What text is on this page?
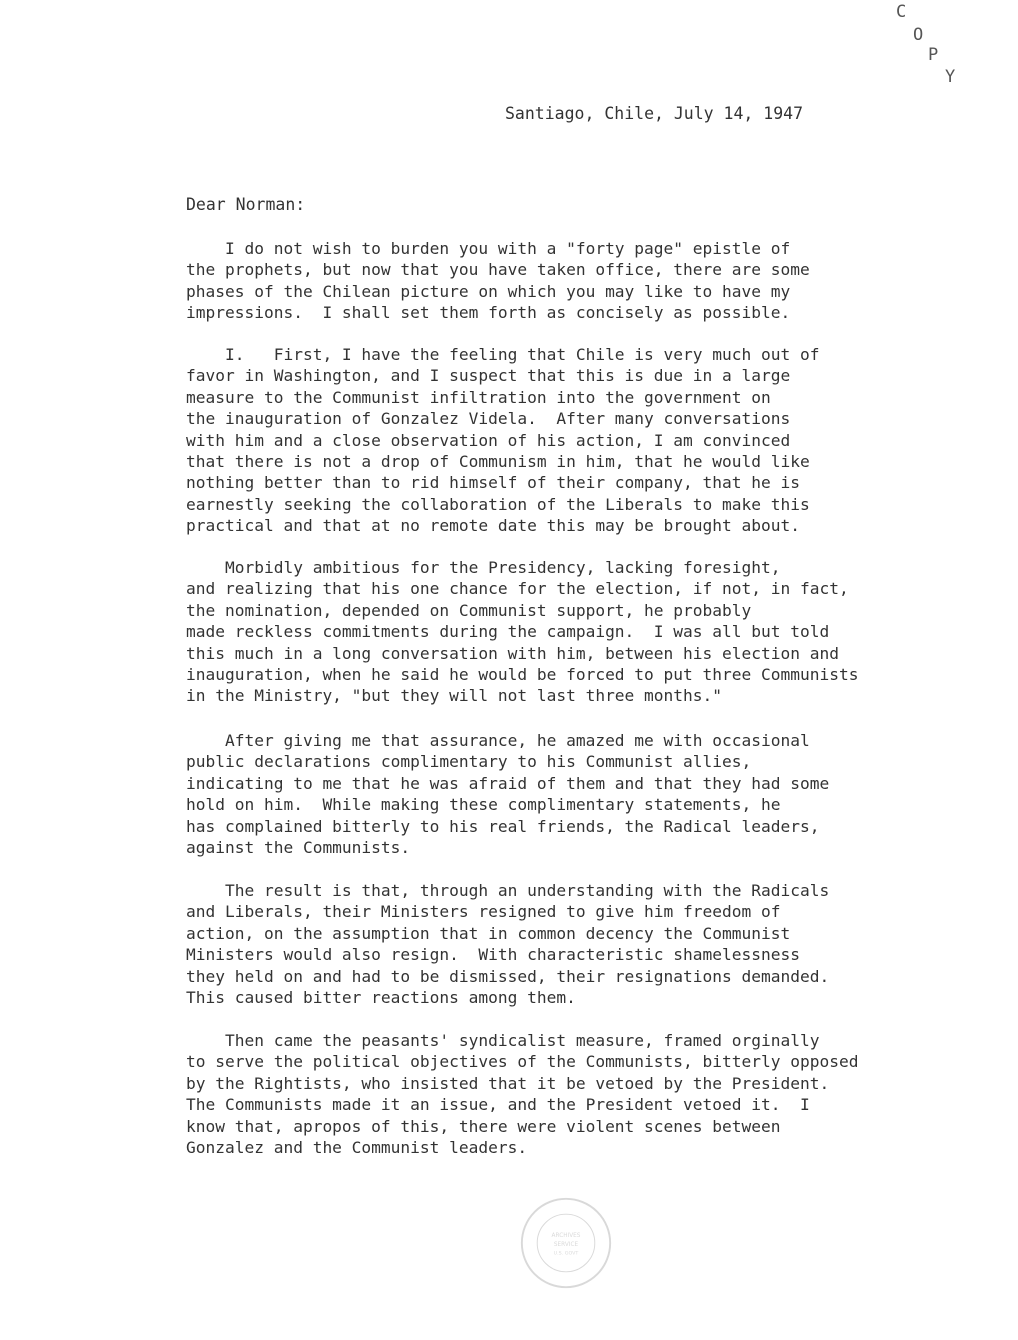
C
O
P
Y
Santiago, Chile, July 14, 1947
Dear Norman:
I do not wish to burden you with a "forty page" epistle of
the prophets, but now that you have taken office, there are some
phases of the Chilean picture on which you may like to have my
impressions.  I shall set them forth as concisely as possible.
I.   First, I have the feeling that Chile is very much out of
favor in Washington, and I suspect that this is due in a large
measure to the Communist infiltration into the government on
the inauguration of Gonzalez Videla.  After many conversations
with him and a close observation of his action, I am convinced
that there is not a drop of Communism in him, that he would like
nothing better than to rid himself of their company, that he is
earnestly seeking the collaboration of the Liberals to make this
practical and that at no remote date this may be brought about.
Morbidly ambitious for the Presidency, lacking foresight,
and realizing that his one chance for the election, if not, in fact,
the nomination, depended on Communist support, he probably
made reckless commitments during the campaign.  I was all but told
this much in a long conversation with him, between his election and
inauguration, when he said he would be forced to put three Communists
in the Ministry, "but they will not last three months."
After giving me that assurance, he amazed me with occasional
public declarations complimentary to his Communist allies,
indicating to me that he was afraid of them and that they had some
hold on him.  While making these complimentary statements, he
has complained bitterly to his real friends, the Radical leaders,
against the Communists.
The result is that, through an understanding with the Radicals
and Liberals, their Ministers resigned to give him freedom of
action, on the assumption that in common decency the Communist
Ministers would also resign.  With characteristic shamelessness
they held on and had to be dismissed, their resignations demanded.
This caused bitter reactions among them.
Then came the peasants' syndicalist measure, framed orginally
to serve the political objectives of the Communists, bitterly opposed
by the Rightists, who insisted that it be vetoed by the President.
The Communists made it an issue, and the President vetoed it.  I
know that, apropos of this, there were violent scenes between
Gonzalez and the Communist leaders.
ARCHIVES
SERVICE
U.S. GOVT
